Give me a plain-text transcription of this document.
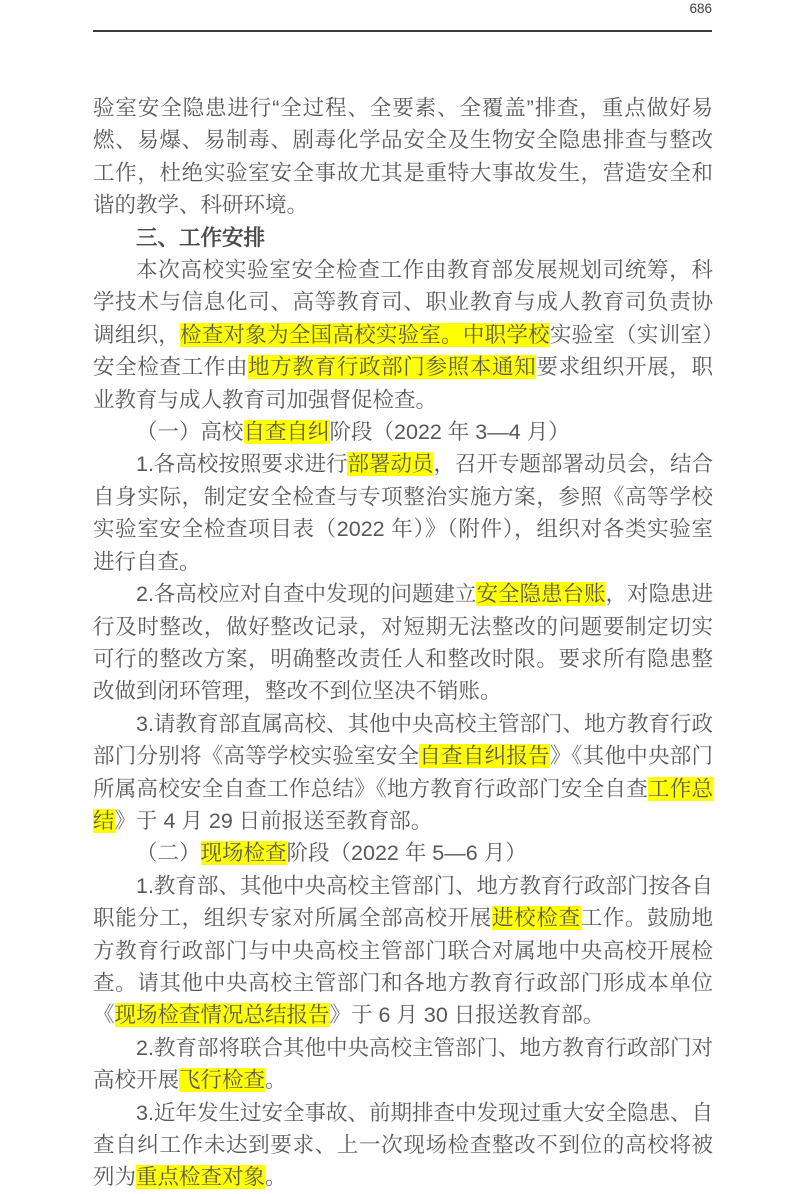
686

验室安全隐患进行“全过程、全要素、全覆盖”排查，重点做好易燃、易爆、易制毒、剧毒化学品安全及生物安全隐患排查与整改工作，杜绝实验室安全事故尤其是重特大事故发生，营造安全和谐的教学、科研环境。

三、工作安排

本次高校实验室安全检查工作由教育部发展规划司统筹，科学技术与信息化司、高等教育司、职业教育与成人教育司负责协调组织，检查对象为全国高校实验室。中职学校实验室（实训室）安全检查工作由地方教育行政部门参照本通知要求组织开展，职业教育与成人教育司加强督促检查。

（一）高校自查自纠阶段（2022 年 3—4 月）

1.各高校按照要求进行部署动员，召开专题部署动员会，结合自身实际，制定安全检查与专项整治实施方案，参照《高等学校实验室安全检查项目表（2022 年）》（附件），组织对各类实验室进行自查。

2.各高校应对自查中发现的问题建立安全隐患台账，对隐患进行及时整改，做好整改记录，对短期无法整改的问题要制定切实可行的整改方案，明确整改责任人和整改时限。要求所有隐患整改做到闭环管理，整改不到位坚决不销账。

3.请教育部直属高校、其他中央高校主管部门、地方教育行政部门分别将《高等学校实验室安全自查自纠报告》《其他中央部门所属高校安全自查工作总结》《地方教育行政部门安全自查工作总结》于 4 月 29 日前报送至教育部。

（二）现场检查阶段（2022 年 5—6 月）

1.教育部、其他中央高校主管部门、地方教育行政部门按各自职能分工，组织专家对所属全部高校开展进校检查工作。鼓励地方教育行政部门与中央高校主管部门联合对属地中央高校开展检查。请其他中央高校主管部门和各地方教育行政部门形成本单位《现场检查情况总结报告》于 6 月 30 日报送教育部。

2.教育部将联合其他中央高校主管部门、地方教育行政部门对高校开展飞行检查。

3.近年发生过安全事故、前期排查中发现过重大安全隐患、自查自纠工作未达到要求、上一次现场检查整改不到位的高校将被列为重点检查对象。
